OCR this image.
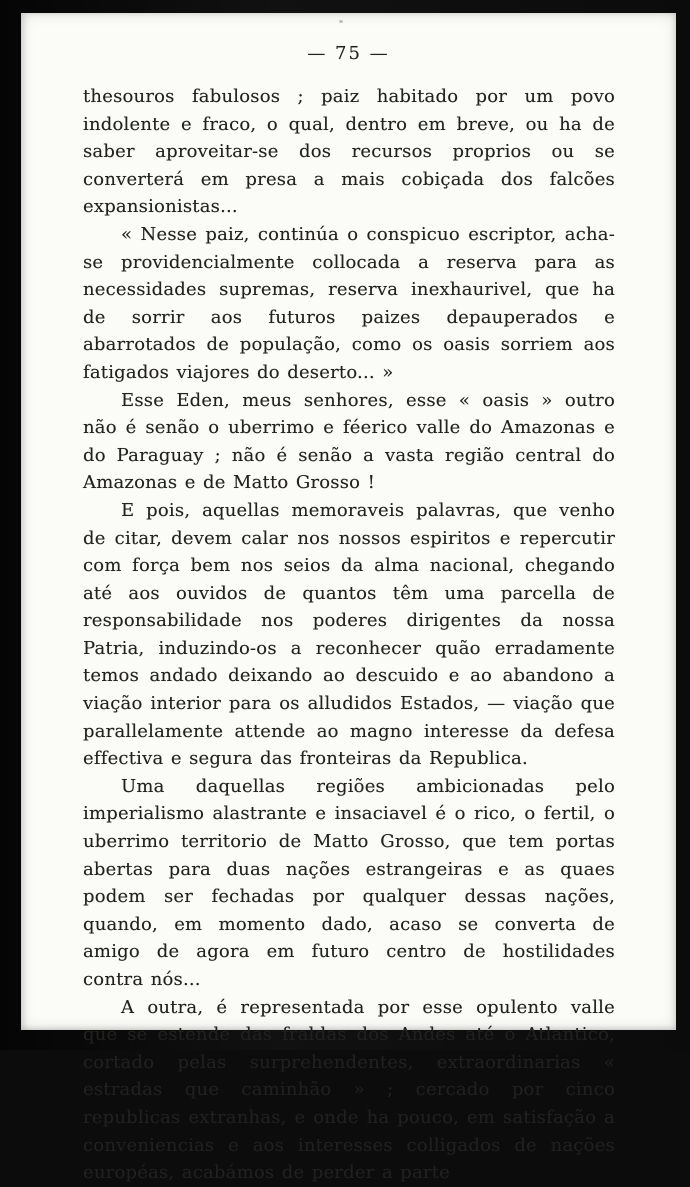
— 75 —

thesouros fabulosos ; paiz habitado por um povo indolente e fraco, o qual, dentro em breve, ou ha de saber aproveitar-se dos recursos proprios ou se converterá em presa a mais cobiçada dos falcões expansionistas...

« Nesse paiz, continúa o conspicuo escriptor, acha-se providencialmente collocada a reserva para as necessidades supremas, reserva inexhaurivel, que ha de sorrir aos futuros paizes depauperados e abarrotados de população, como os oasis sorriem aos fatigados viajores do deserto... »

Esse Eden, meus senhores, esse « oasis » outro não é senão o uberrimo e féerico valle do Amazonas e do Paraguay ; não é senão a vasta região central do Amazonas e de Matto Grosso !

E pois, aquellas memoraveis palavras, que venho de citar, devem calar nos nossos espiritos e repercutir com força bem nos seios da alma nacional, chegando até aos ouvidos de quantos têm uma parcella de responsabilidade nos poderes dirigentes da nossa Patria, induzindo-os a reconhecer quão erradamente temos andado deixando ao descuido e ao abandono a viação interior para os alludidos Estados, — viação que parallelamente attende ao magno interesse da defesa effectiva e segura das fronteiras da Republica.

Uma daquellas regiões ambicionadas pelo imperialismo alastrante e insaciavel é o rico, o fertil, o uberrimo territorio de Matto Grosso, que tem portas abertas para duas nações estrangeiras e as quaes podem ser fechadas por qualquer dessas nações, quando, em momento dado, acaso se converta de amigo de agora em futuro centro de hostilidades contra nós...

A outra, é representada por esse opulento valle que se estende das fraldas dos Andes até o Atlantico, cortado pelas surprehendentes, extraordinarias « estradas que caminhão » ; cercado por cinco republicas extranhas, e onde ha pouco, em satisfação a conveniencias e aos interesses colligados de nações européas, acabámos de perder a parte
